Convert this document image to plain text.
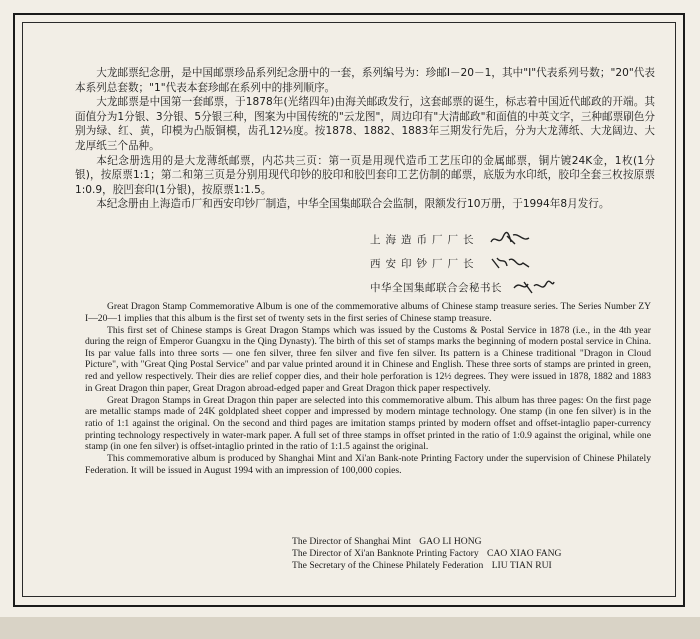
大龙邮票纪念册，是中国邮票珍品系列纪念册中的一套，系列编号为：珍邮I－20－1，其中"I"代表系列号数；"20"代表本系列总套数；"1"代表本套珍邮在系列中的排列顺序。

大龙邮票是中国第一套邮票，于1878年(光绪四年)由海关邮政发行，这套邮票的诞生，标志着中国近代邮政的开端。其面值分为1分银、3分银、5分银三种，图案为中国传统的"云龙图"，周边印有"大清邮政"和面值的中英文字，三种邮票刷色分别为绿、红、黄，印模为凸版铜模，齿孔12½度。按1878、1882、1883年三期发行先后，分为大龙薄纸、大龙阔边、大龙厚纸三个品种。

本纪念册选用的是大龙薄纸邮票，内芯共三页：第一页是用现代造币工艺压印的金属邮票，铜片镀24K金，1枚(1分银)，按原票1:1；第二和第三页是分别用现代印钞的胶印和胶凹套印工艺仿制的邮票，底版为水印纸，胶印全套三枚按原票1:0.9，胶凹套印(1分银)，按原票1:1.5。

本纪念册由上海造币厂和西安印钞厂制造，中华全国集邮联合会监制，限额发行10万册，于1994年8月发行。

上海造币厂厂长
西安印钞厂厂长
中华全国集邮联合会秘书长

Great Dragon Stamp Commemorative Album is one of the commemorative albums of Chinese stamp treasure series. The Series Number ZY I—20—1 implies that this album is the first set of twenty sets in the first series of Chinese stamp treasure.

This first set of Chinese stamps is Great Dragon Stamps which was issued by the Customs & Postal Service in 1878 (i.e., in the 4th year during the reign of Emperor Guangxu in the Qing Dynasty). The birth of this set of stamps marks the beginning of modern postal service in China. Its par value falls into three sorts — one fen silver, three fen silver and five fen silver. Its pattern is a Chinese traditional "Dragon in Cloud Picture", with "Great Qing Postal Service" and par value printed around it in Chinese and English. These three sorts of stamps are printed in green, red and yellow respectively. Their dies are relief copper dies, and their hole perforation is 12½ degrees. They were issued in 1878, 1882 and 1883 in Great Dragon thin paper, Great Dragon abroad-edged paper and Great Dragon thick paper respectively.

Great Dragon Stamps in Great Dragon thin paper are selected into this commemorative album. This album has three pages: On the first page are metallic stamps made of 24K goldplated sheet copper and impressed by modern mintage technology. One stamp (in one fen silver) is in the ratio of 1:1 against the original. On the second and third pages are imitation stamps printed by modern offset and offset-intaglio paper-currency printing technology respectively in water-mark paper. A full set of three stamps in offset printed in the ratio of 1:0.9 against the original, while one stamp (in one fen silver) is offset-intaglio printed in the ratio of 1:1.5 against the original.

This commemorative album is produced by Shanghai Mint and Xi'an Bank-note Printing Factory under the supervision of Chinese Philately Federation. It will be issued in August 1994 with an impression of 100,000 copies.

The Director of Shanghai Mint GAO LI HONG
The Director of Xi'an Banknote Printing Factory CAO XIAO FANG
The Secretary of the Chinese Philately Federation LIU TIAN RUI
